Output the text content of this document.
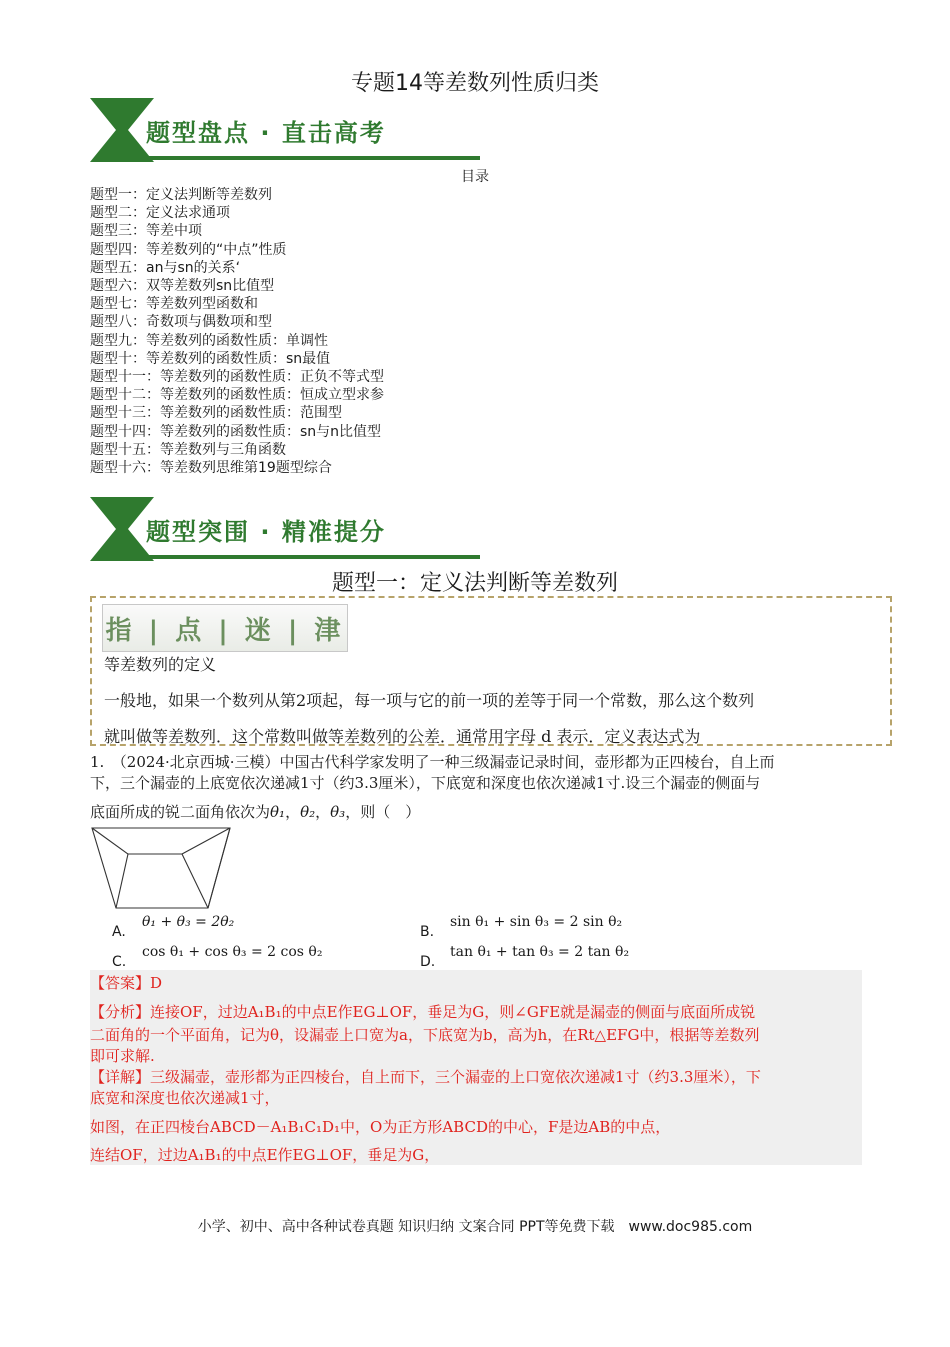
专题14等差数列性质归类
题型盘点 · 直击高考
目录
题型一：定义法判断等差数列
题型二：定义法求通项
题型三：等差中项
题型四：等差数列的“中点”性质
题型五：an与sn的关系‘
题型六：双等差数列sn比值型
题型七：等差数列型函数和
题型八：奇数项与偶数项和型
题型九：等差数列的函数性质：单调性
题型十：等差数列的函数性质：sn最值
题型十一：等差数列的函数性质：正负不等式型
题型十二：等差数列的函数性质：恒成立型求参
题型十三：等差数列的函数性质：范围型
题型十四：等差数列的函数性质：sn与n比值型
题型十五：等差数列与三角函数
题型十六：等差数列思维第19题型综合
题型突围 · 精准提分
题型一：定义法判断等差数列
指 | 点 | 迷 | 津
等差数列的定义
一般地，如果一个数列从第2项起，每一项与它的前一项的差等于同一个常数，那么这个数列
就叫做等差数列．这个常数叫做等差数列的公差．通常用字母 d 表示．定义表达式为
1.　（2024·北京西城·三模）中国古代科学家发明了一种三级漏壶记录时间，壶形都为正四棱台，自上而
下，三个漏壶的上底宽依次递减1寸（约3.3厘米），下底宽和深度也依次递减1寸.设三个漏壶的侧面与
底面所成的锐二面角依次为θ₁，θ₂，θ₃，则（　）
A.
θ₁ + θ₃ = 2θ₂
B.
sin θ₁ + sin θ₃ = 2 sin θ₂
C.
cos θ₁ + cos θ₃ = 2 cos θ₂
D.
tan θ₁ + tan θ₃ = 2 tan θ₂
【答案】D
【分析】连接OF，过边A₁B₁的中点E作EG⊥OF，垂足为G，则∠GFE就是漏壶的侧面与底面所成锐
二面角的一个平面角，记为θ，设漏壶上口宽为a，下底宽为b，高为h，在Rt△EFG中，根据等差数列
即可求解.
【详解】三级漏壶，壶形都为正四棱台，自上而下，三个漏壶的上口宽依次递减1寸（约3.3厘米），下
底宽和深度也依次递减1寸，
如图，在正四棱台ABCD－A₁B₁C₁D₁中，O为正方形ABCD的中心，F是边AB的中点，
连结OF，过边A₁B₁的中点E作EG⊥OF，垂足为G，
小学、初中、高中各种试卷真题 知识归纳 文案合同 PPT等免费下载　www.doc985.com
